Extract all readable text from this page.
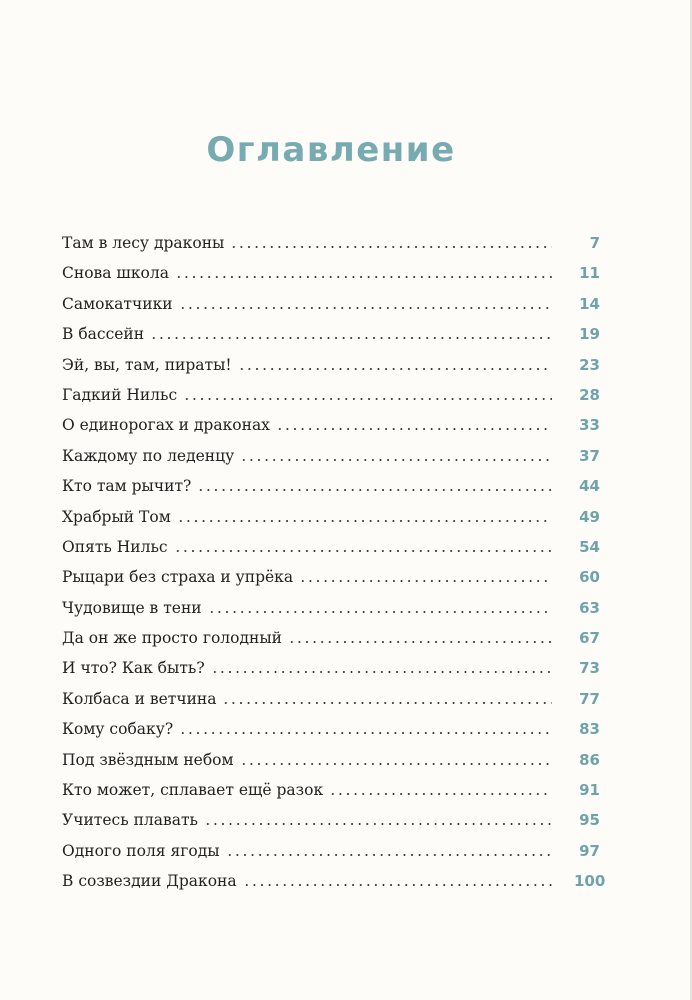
Оглавление
Там в лесу драконы	7
Снова школа	11
Самокатчики	14
В бассейн	19
Эй, вы, там, пираты!	23
Гадкий Нильс	28
О единорогах и драконах	33
Каждому по леденцу	37
Кто там рычит?	44
Храбрый Том	49
Опять Нильс	54
Рыцари без страха и упрёка	60
Чудовище в тени	63
Да он же просто голодный	67
И что? Как быть?	73
Колбаса и ветчина	77
Кому собаку?	83
Под звёздным небом	86
Кто может, сплавает ещё разок	91
Учитесь плавать	95
Одного поля ягоды	97
В созвездии Дракона	100
